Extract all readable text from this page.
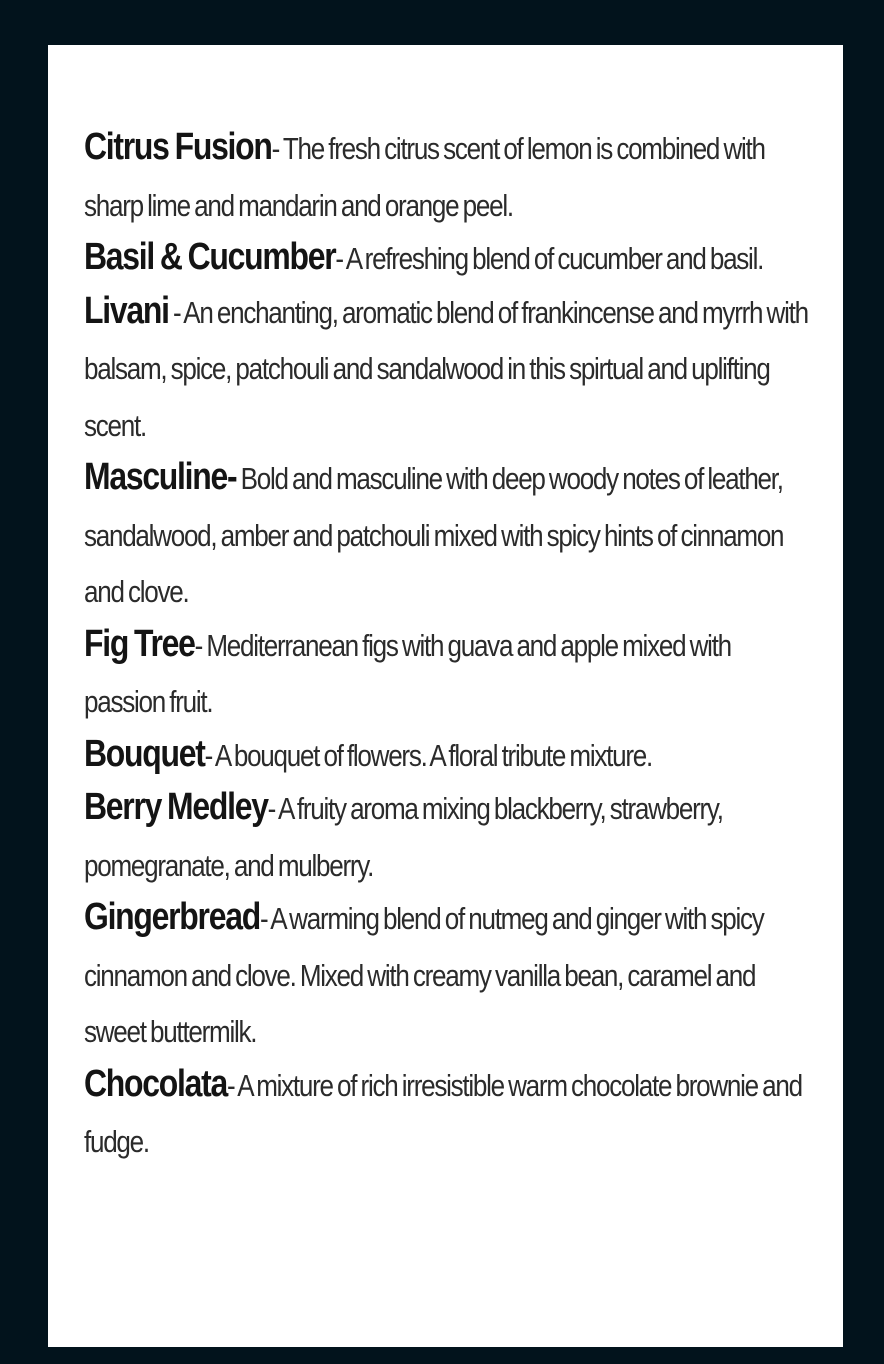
Citrus Fusion- The fresh citrus scent of lemon is combined with sharp lime and mandarin and orange peel.
Basil & Cucumber- A refreshing blend of cucumber and basil.
Livani - An enchanting, aromatic blend of frankincense and myrrh with balsam, spice, patchouli and sandalwood in this spirtual and uplifting scent.
Masculine- Bold and masculine with deep woody notes of leather, sandalwood, amber and patchouli mixed with spicy hints of cinnamon and clove.
Fig Tree- Mediterranean figs with guava and apple mixed with passion fruit.
Bouquet- A bouquet of flowers. A floral tribute mixture.
Berry Medley- A fruity aroma mixing blackberry, strawberry, pomegranate, and mulberry.
Gingerbread- A warming blend of nutmeg and ginger with spicy cinnamon and clove. Mixed with creamy vanilla bean, caramel and sweet buttermilk.
Chocolata- A mixture of rich irresistible warm chocolate brownie and fudge.
